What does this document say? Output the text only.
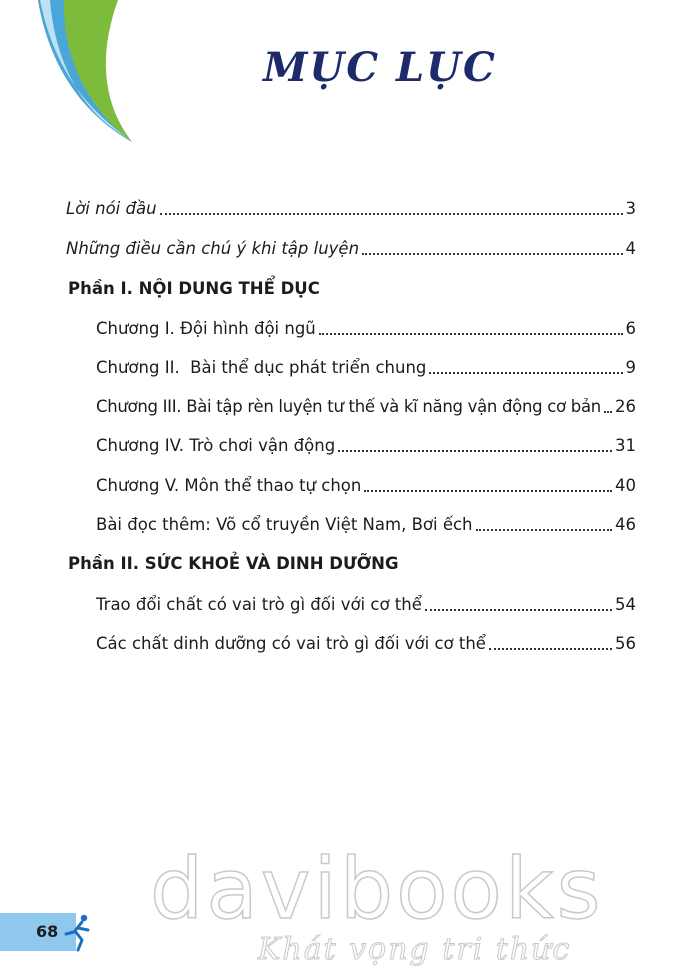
MỤC LỤC
Lời nói đầu	3
Những điều cần chú ý khi tập luyện	4
Phần I. NỘI DUNG THỂ DỤC
Chương I. Đội hình đội ngũ	6
Chương II.  Bài thể dục phát triển chung	9
Chương III. Bài tập rèn luyện tư thế và kĩ năng vận động cơ bản 26
Chương IV. Trò chơi vận động	31
Chương V. Môn thể thao tự chọn	40
Bài đọc thêm: Võ cổ truyền Việt Nam, Bơi ếch	46
Phần II. SỨC KHOẺ VÀ DINH DƯỠNG
Trao đổi chất có vai trò gì đối với cơ thể	54
Các chất dinh dưỡng có vai trò gì đối với cơ thể	56
davibooks
Khát vọng tri thức
68
